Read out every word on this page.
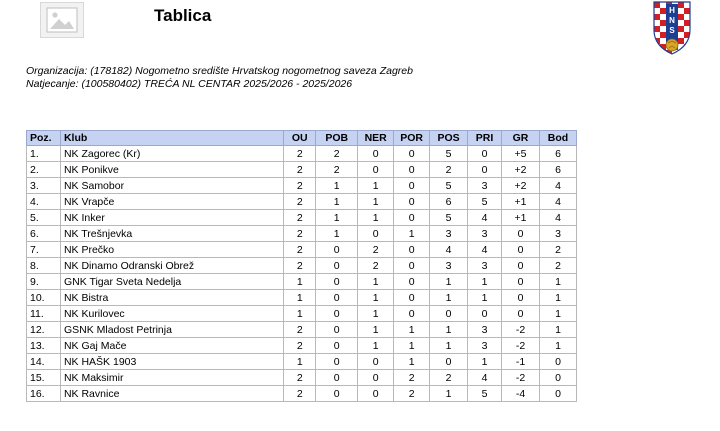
Tablica	H
N
S
Organizacija: (178182) Nogometno središte Hrvatskog nogometnog saveza Zagreb
Natjecanje: (100580402) TREĆA NL CENTAR 2025/2026 - 2025/2026
Poz.	Klub	OU	POB	NER	POR	POS	PRI	GR	Bod
1.	NK Zagorec (Kr)	2	2	0	0	5	0	+5	6
2.	NK Ponikve	2	2	0	0	2	0	+2	6
3.	NK Samobor	2	1	1	0	5	3	+2	4
4.	NK Vrapče	2	1	1	0	6	5	+1	4
5.	NK Inker	2	1	1	0	5	4	+1	4
6.	NK Trešnjevka	2	1	0	1	3	3	0	3
7.	NK Prečko	2	0	2	0	4	4	0	2
8.	NK Dinamo Odranski Obrež	2	0	2	0	3	3	0	2
9.	GNK Tigar Sveta Nedelja	1	0	1	0	1	1	0	1
10.	NK Bistra	1	0	1	0	1	1	0	1
11.	NK Kurilovec	1	0	1	0	0	0	0	1
12.	GSNK Mladost Petrinja	2	0	1	1	1	3	-2	1
13.	NK Gaj Mače	2	0	1	1	1	3	-2	1
14.	NK HAŠK 1903	1	0	0	1	0	1	-1	0
15.	NK Maksimir	2	0	0	2	2	4	-2	0
16.	NK Ravnice	2	0	0	2	1	5	-4	0
